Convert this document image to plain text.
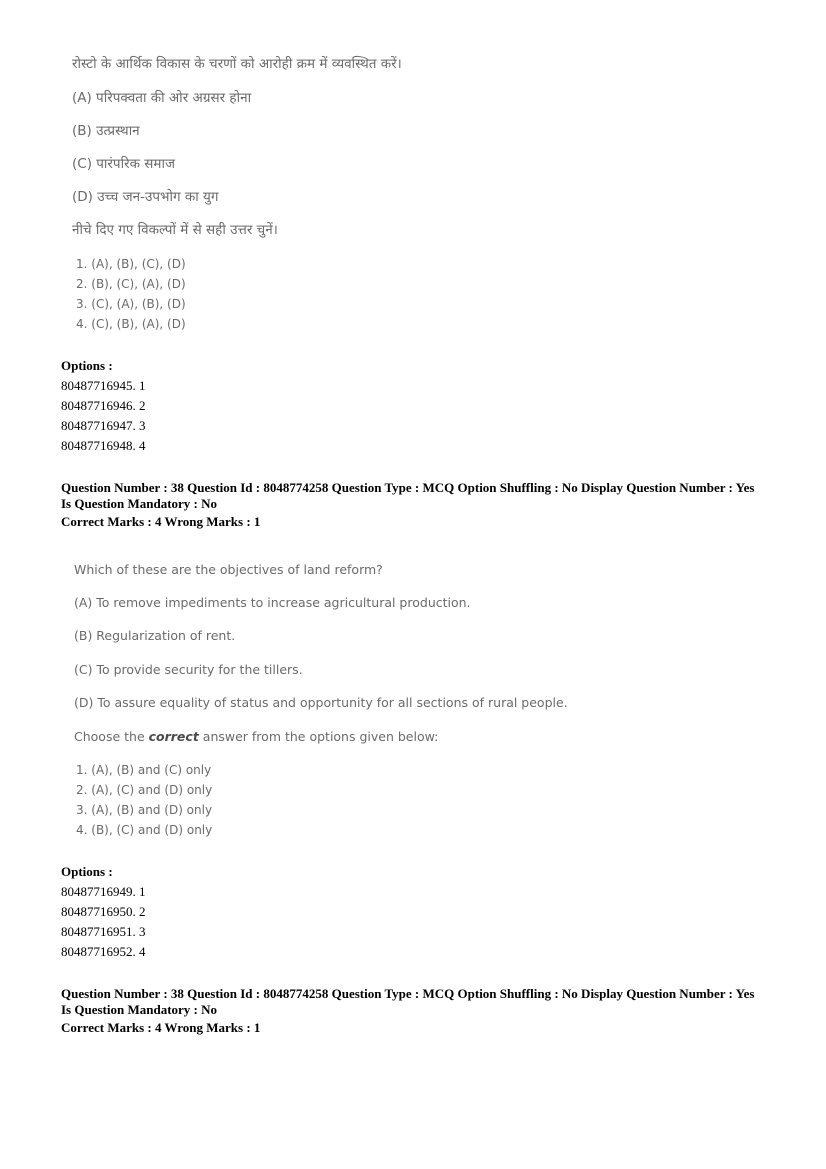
रोस्टो के आर्थिक विकास के चरणों को आरोही क्रम में व्यवस्थित करें।
(A) परिपक्वता की ओर अग्रसर होना
(B) उत्प्रस्थान
(C) पारंपरिक समाज
(D) उच्च जन-उपभोग का युग
नीचे दिए गए विकल्पों में से सही उत्तर चुनें।
1. (A), (B), (C), (D)
2. (B), (C), (A), (D)
3. (C), (A), (B), (D)
4. (C), (B), (A), (D)
Options :
80487716945. 1
80487716946. 2
80487716947. 3
80487716948. 4
Question Number : 38 Question Id : 8048774258 Question Type : MCQ Option Shuffling : No Display Question Number : Yes
Is Question Mandatory : No
Correct Marks : 4 Wrong Marks : 1
Which of these are the objectives of land reform?
(A) To remove impediments to increase agricultural production.
(B) Regularization of rent.
(C) To provide security for the tillers.
(D) To assure equality of status and opportunity for all sections of rural people.
Choose the correct answer from the options given below:
1. (A), (B) and (C) only
2. (A), (C) and (D) only
3. (A), (B) and (D) only
4. (B), (C) and (D) only
Options :
80487716949. 1
80487716950. 2
80487716951. 3
80487716952. 4
Question Number : 38 Question Id : 8048774258 Question Type : MCQ Option Shuffling : No Display Question Number : Yes
Is Question Mandatory : No
Correct Marks : 4 Wrong Marks : 1
